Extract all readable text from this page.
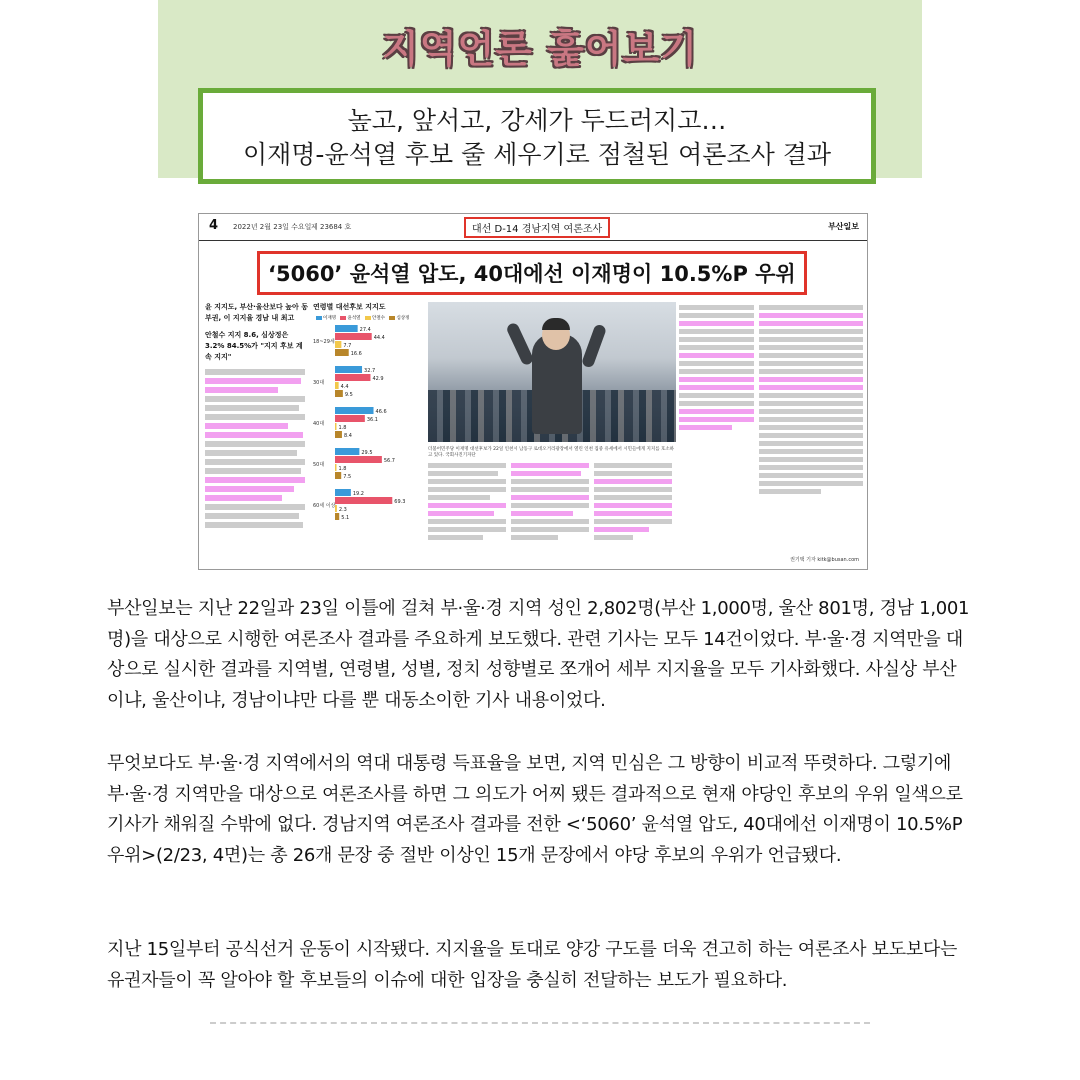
지역언론 훑어보기
높고, 앞서고, 강세가 두드러지고…
이재명-윤석열 후보 줄 세우기로 점철된 여론조사 결과
4 2022년 2월 23일 수요일 제 23684 호	대선 D-14 경남지역 여론조사	부산일보
‘5060’ 윤석열 압도, 40대에선 이재명이 10.5%P 우위
윤 지지도, 부산·울산보다 높아 동부권, 이 지지율 경남 내 최고
안철수 지지 8.6, 심상정은 3.2% 84.5%가 "지지 후보 계속 지지"
연령별 대선후보 지지도
이재명	윤석열	안철수	심상정
18~29세
27.4
44.4
7.7
16.6
30대
32.7
42.9
4.4
9.5
40대
46.6
36.1
1.8
8.4
50대
29.5
56.7
1.8
7.5
60세 이상
19.2
69.3
2.3
5.1
더불어민주당 이재명 대선후보가 22일 인천시 남동구 로데오거리광장에서 열린 인천 집중 유세에서 시민들에게 지지를 호소하고 있다. 국회사진기자단
권기택 기자 kitk@busan.com
부산일보는 지난 22일과 23일 이틀에 걸쳐 부·울·경 지역 성인 2,802명(부산 1,000명, 울산 801명, 경남 1,001명)을 대상으로 시행한 여론조사 결과를 주요하게 보도했다. 관련 기사는 모두 14건이었다. 부·울·경 지역만을 대상으로 실시한 결과를 지역별, 연령별, 성별, 정치 성향별로 쪼개어 세부 지지율을 모두 기사화했다. 사실상 부산이냐, 울산이냐, 경남이냐만 다를 뿐 대동소이한 기사 내용이었다.
무엇보다도 부·울·경 지역에서의 역대 대통령 득표율을 보면, 지역 민심은 그 방향이 비교적 뚜렷하다. 그렇기에 부·울·경 지역만을 대상으로 여론조사를 하면 그 의도가 어찌 됐든 결과적으로 현재 야당인 후보의 우위 일색으로 기사가 채워질 수밖에 없다. 경남지역 여론조사 결과를 전한 <‘5060’ 윤석열 압도, 40대에선 이재명이 10.5%P 우위>(2/23, 4면)는 총 26개 문장 중 절반 이상인 15개 문장에서 야당 후보의 우위가 언급됐다.
지난 15일부터 공식선거 운동이 시작됐다. 지지율을 토대로 양강 구도를 더욱 견고히 하는 여론조사 보도보다는 유권자들이 꼭 알아야 할 후보들의 이슈에 대한 입장을 충실히 전달하는 보도가 필요하다.
